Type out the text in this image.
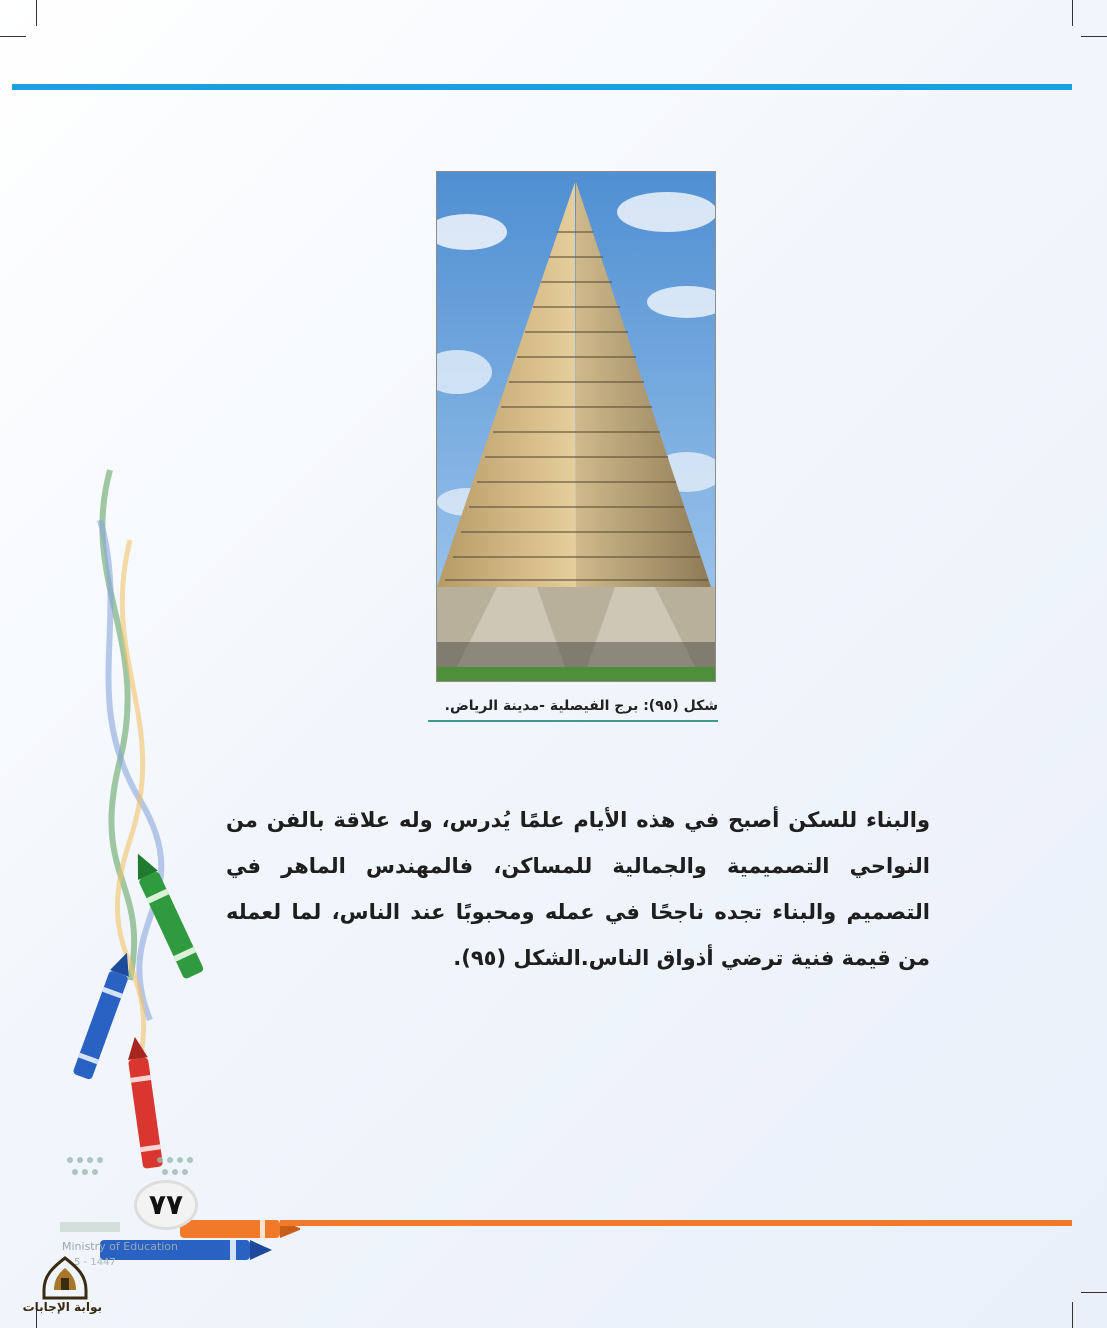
شكل (٩٥): برج الفيصلية -مدينة الرياض.

والبناء للسكن أصبح في هذه الأيام علمًا يُدرس، وله علاقة بالفن من النواحي التصميمية والجمالية للمساكن، فالمهندس الماهر في التصميم والبناء تجده ناجحًا في عمله ومحبوبًا عند الناس، لما لعمله من قيمة فنية ترضي أذواق الناس.الشكل (٩٥).

٧٧
Ministry of Education
5 - 1447
بوابة الإجابات
